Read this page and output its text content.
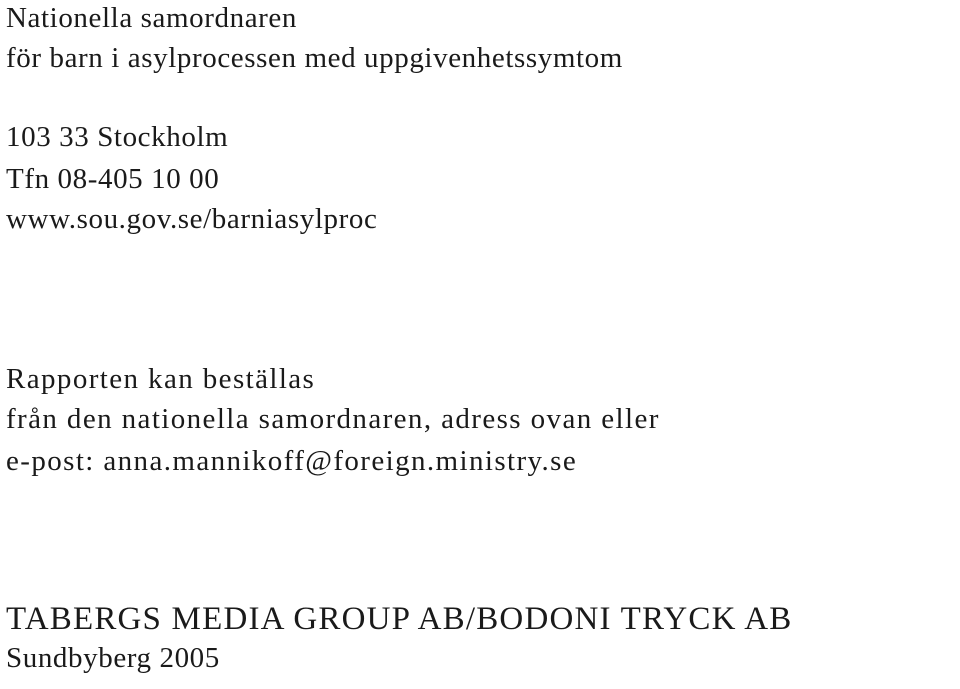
Nationella samordnaren
för barn i asylprocessen med uppgivenhetssymtom
103 33 Stockholm
Tfn 08-405 10 00
www.sou.gov.se/barniasylproc
Rapporten kan beställas
från den nationella samordnaren, adress ovan eller
e-post: anna.mannikoff@foreign.ministry.se
TABERGS MEDIA GROUP AB/BODONI TRYCK AB
Sundbyberg 2005
